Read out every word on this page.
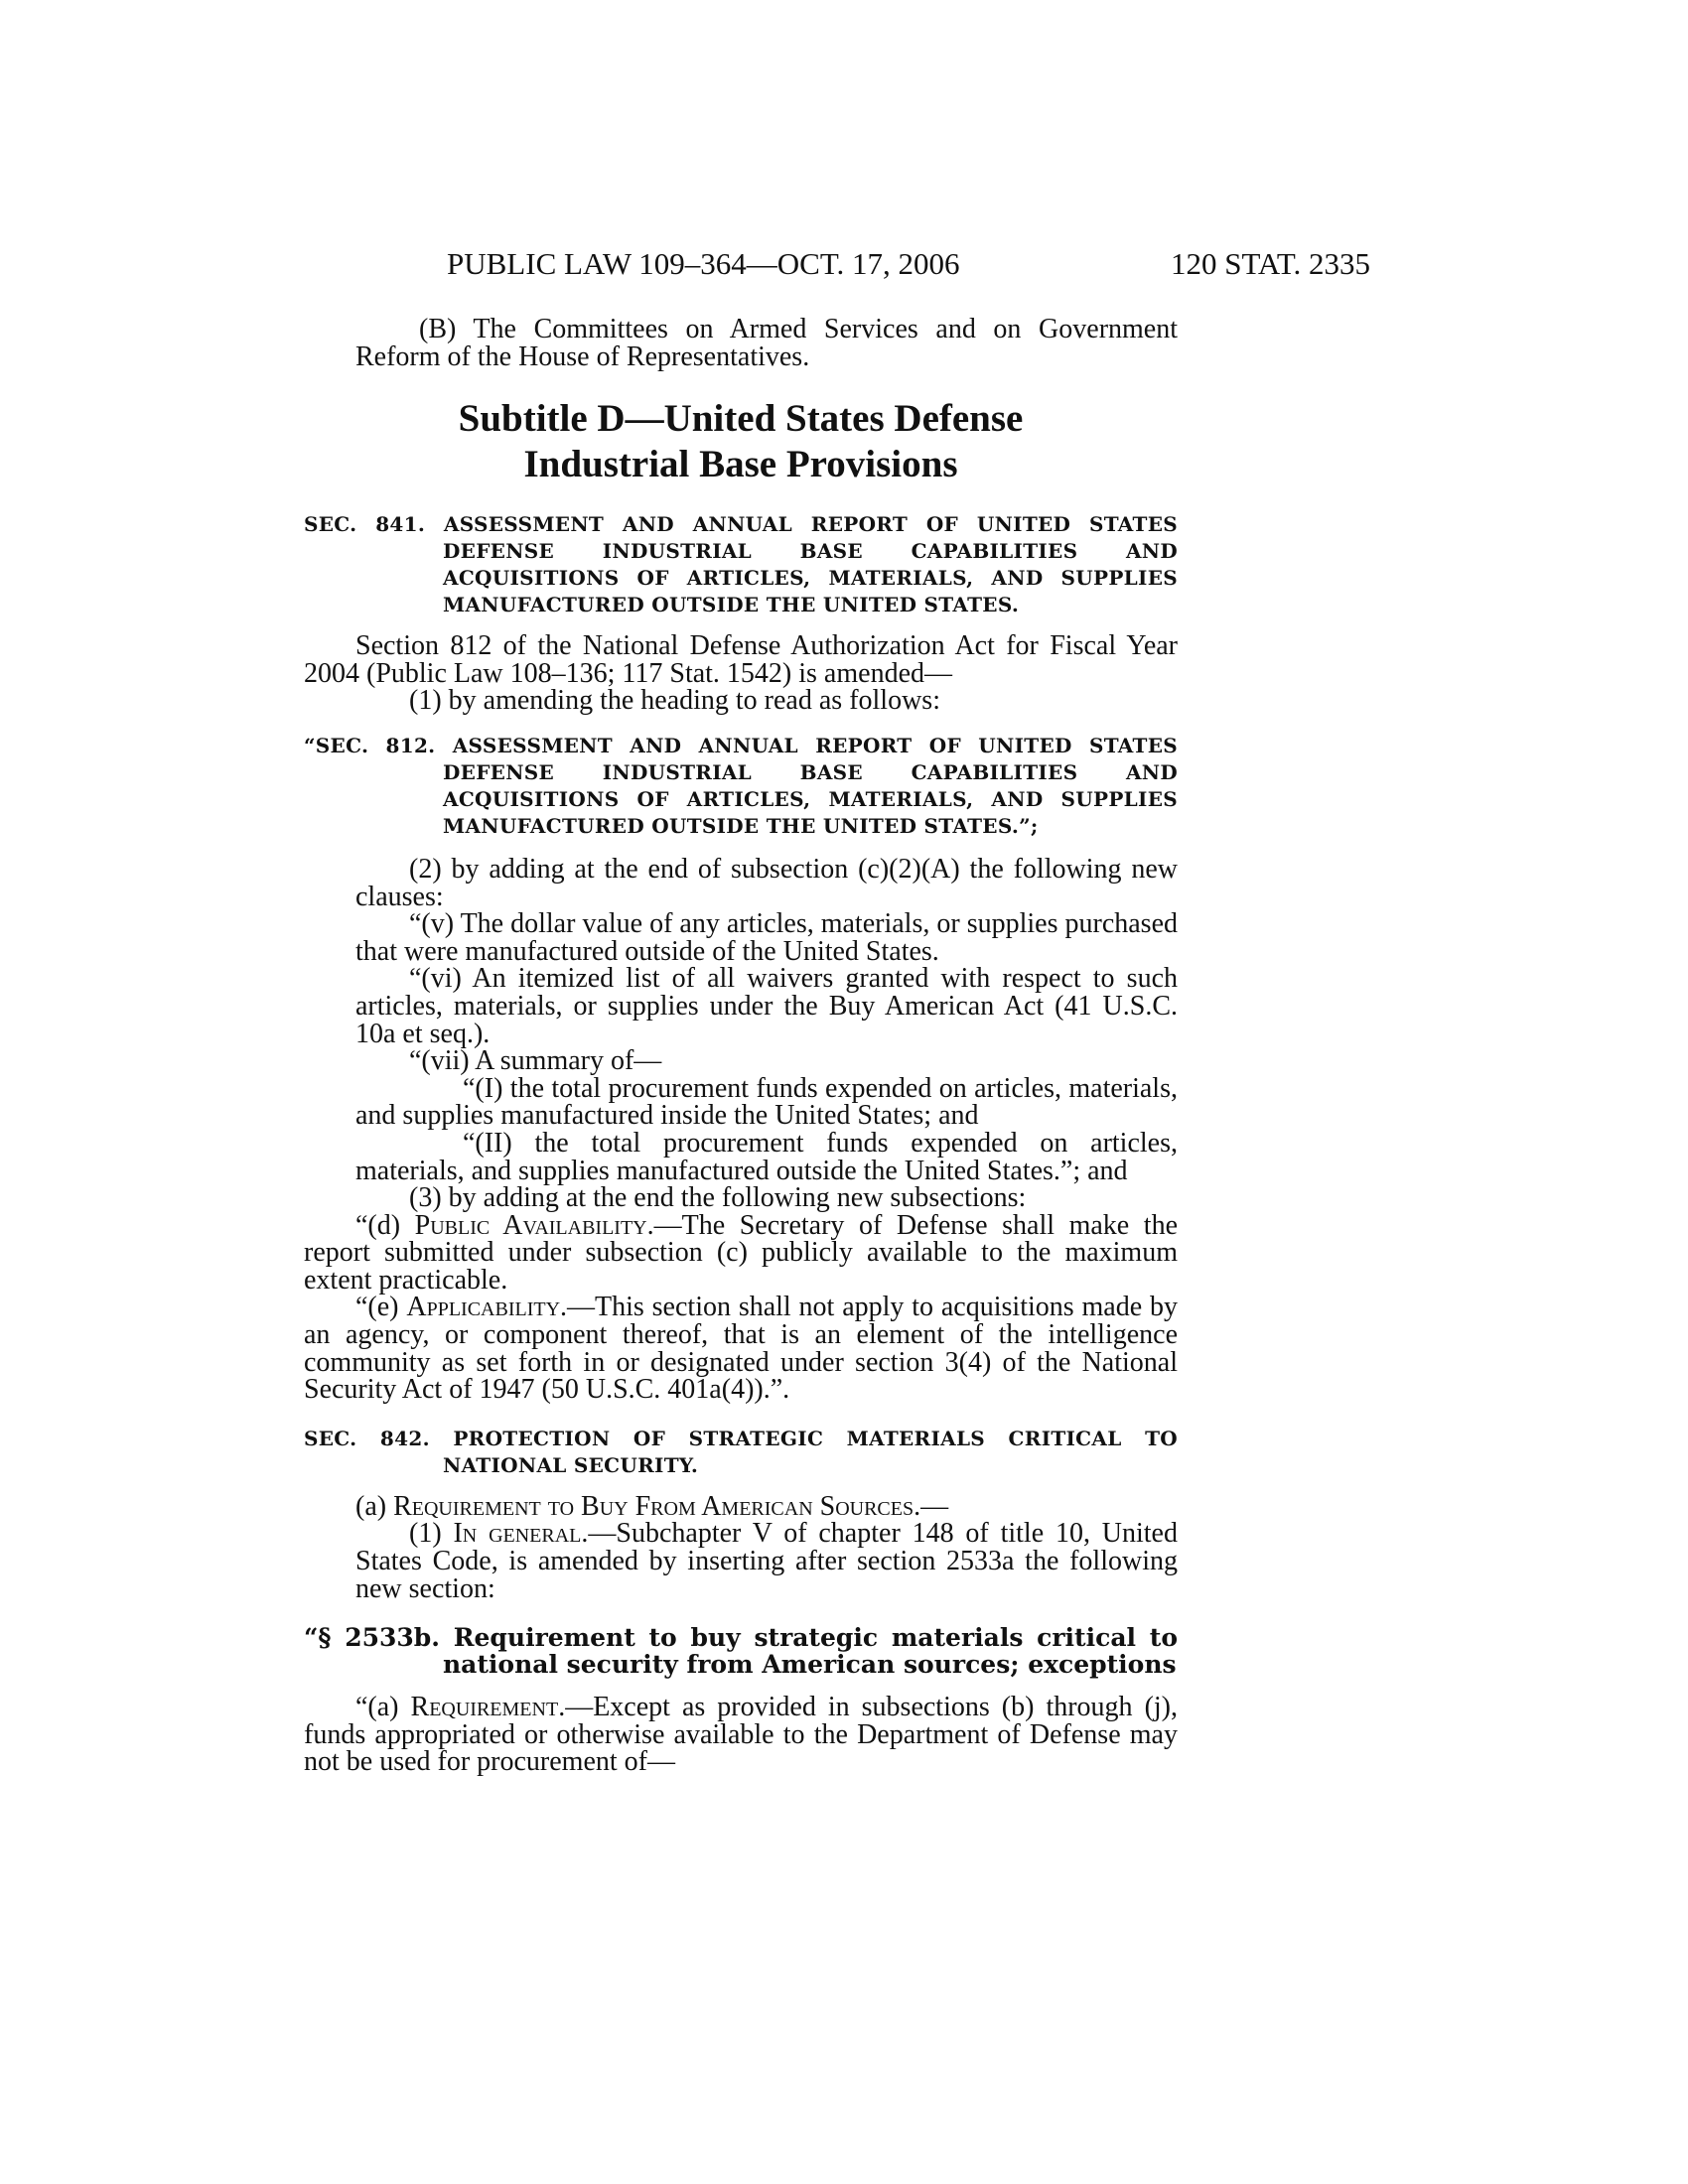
PUBLIC LAW 109–364—OCT. 17, 2006	120 STAT. 2335

(B) The Committees on Armed Services and on Government Reform of the House of Representatives.

Subtitle D—United States Defense
Industrial Base Provisions

SEC. 841. ASSESSMENT AND ANNUAL REPORT OF UNITED STATES DEFENSE INDUSTRIAL BASE CAPABILITIES AND ACQUISITIONS OF ARTICLES, MATERIALS, AND SUPPLIES MANUFACTURED OUTSIDE THE UNITED STATES.

Section 812 of the National Defense Authorization Act for Fiscal Year 2004 (Public Law 108–136; 117 Stat. 1542) is amended—

(1) by amending the heading to read as follows:

“SEC. 812. ASSESSMENT AND ANNUAL REPORT OF UNITED STATES DEFENSE INDUSTRIAL BASE CAPABILITIES AND ACQUISITIONS OF ARTICLES, MATERIALS, AND SUPPLIES MANUFACTURED OUTSIDE THE UNITED STATES.”;

(2) by adding at the end of subsection (c)(2)(A) the following new clauses:

“(v) The dollar value of any articles, materials, or supplies purchased that were manufactured outside of the United States.

“(vi) An itemized list of all waivers granted with respect to such articles, materials, or supplies under the Buy American Act (41 U.S.C. 10a et seq.).

“(vii) A summary of—

“(I) the total procurement funds expended on articles, materials, and supplies manufactured inside the United States; and

“(II) the total procurement funds expended on articles, materials, and supplies manufactured outside the United States.”; and

(3) by adding at the end the following new subsections:

“(d) Public Availability.—The Secretary of Defense shall make the report submitted under subsection (c) publicly available to the maximum extent practicable.

“(e) Applicability.—This section shall not apply to acquisitions made by an agency, or component thereof, that is an element of the intelligence community as set forth in or designated under section 3(4) of the National Security Act of 1947 (50 U.S.C. 401a(4)).”.

SEC. 842. PROTECTION OF STRATEGIC MATERIALS CRITICAL TO NATIONAL SECURITY.

(a) Requirement to Buy From American Sources.—

(1) In general.—Subchapter V of chapter 148 of title 10, United States Code, is amended by inserting after section 2533a the following new section:

“§ 2533b. Requirement to buy strategic materials critical to national security from American sources; exceptions

“(a) Requirement.—Except as provided in subsections (b) through (j), funds appropriated or otherwise available to the Department of Defense may not be used for procurement of—
